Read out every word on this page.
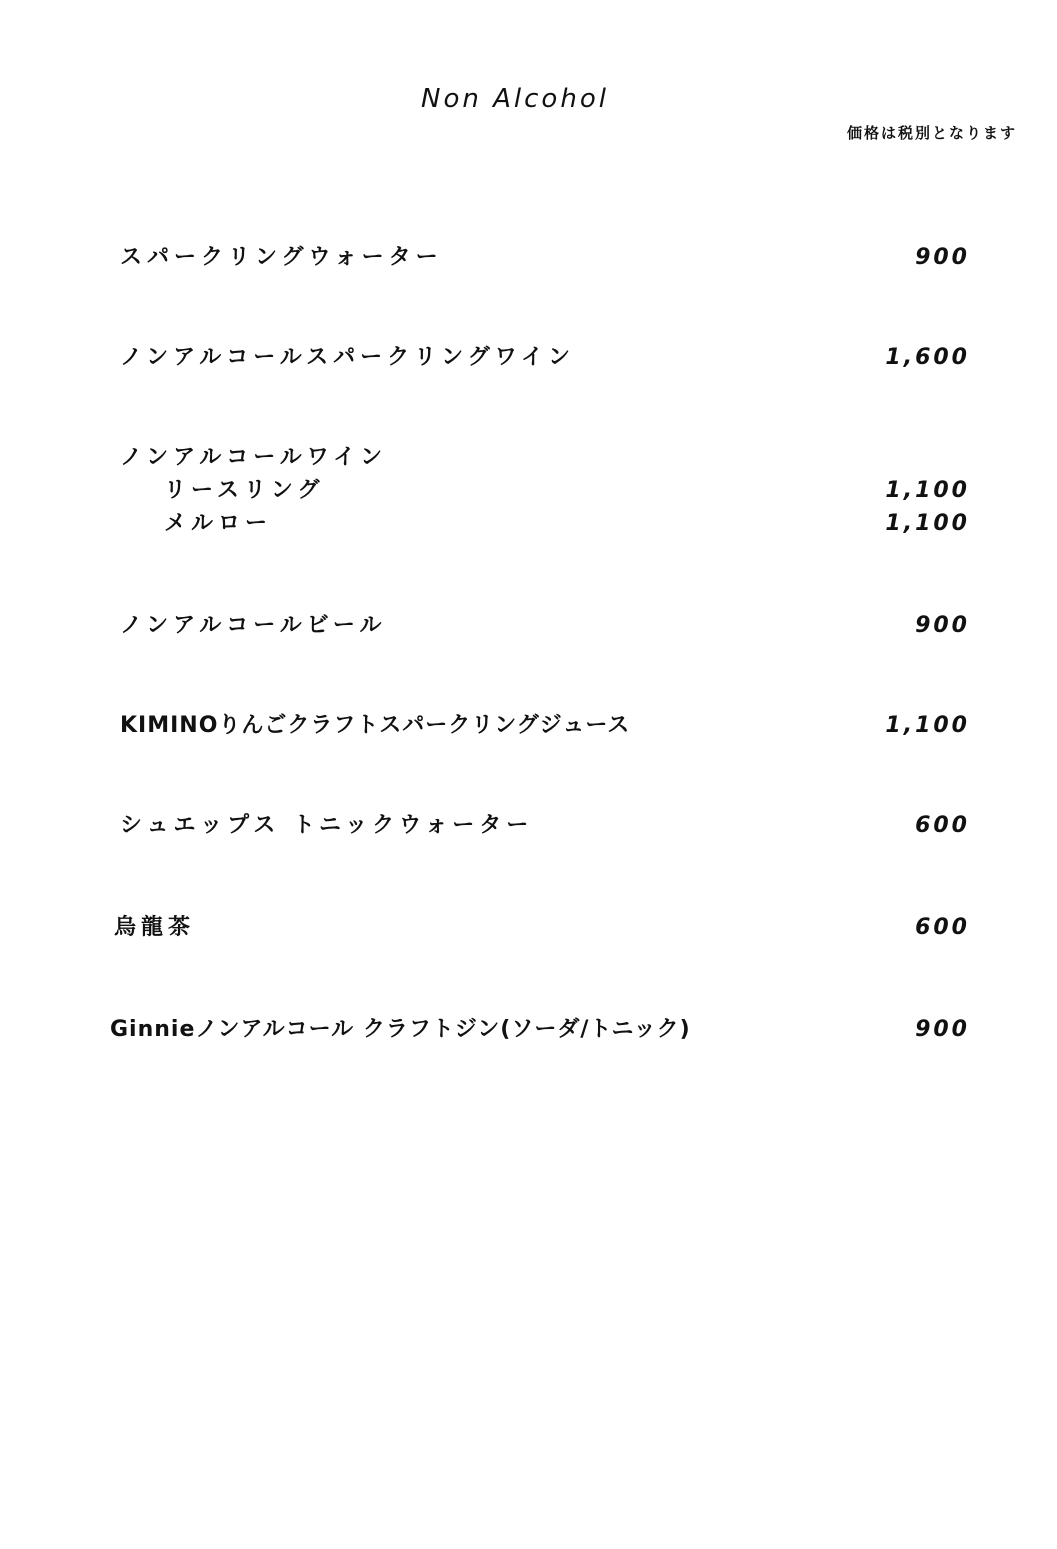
Non Alcohol
価格は税別となります
スパークリングウォーター	900
ノンアルコールスパークリングワイン	1,600
ノンアルコールワイン
リースリング	1,100
メルロー	1,100
ノンアルコールビール	900
KIMINOりんごクラフトスパークリングジュース	1,100
シュエップス トニックウォーター	600
烏龍茶	600
Ginnieノンアルコール クラフトジン(ソーダ/トニック)	900
